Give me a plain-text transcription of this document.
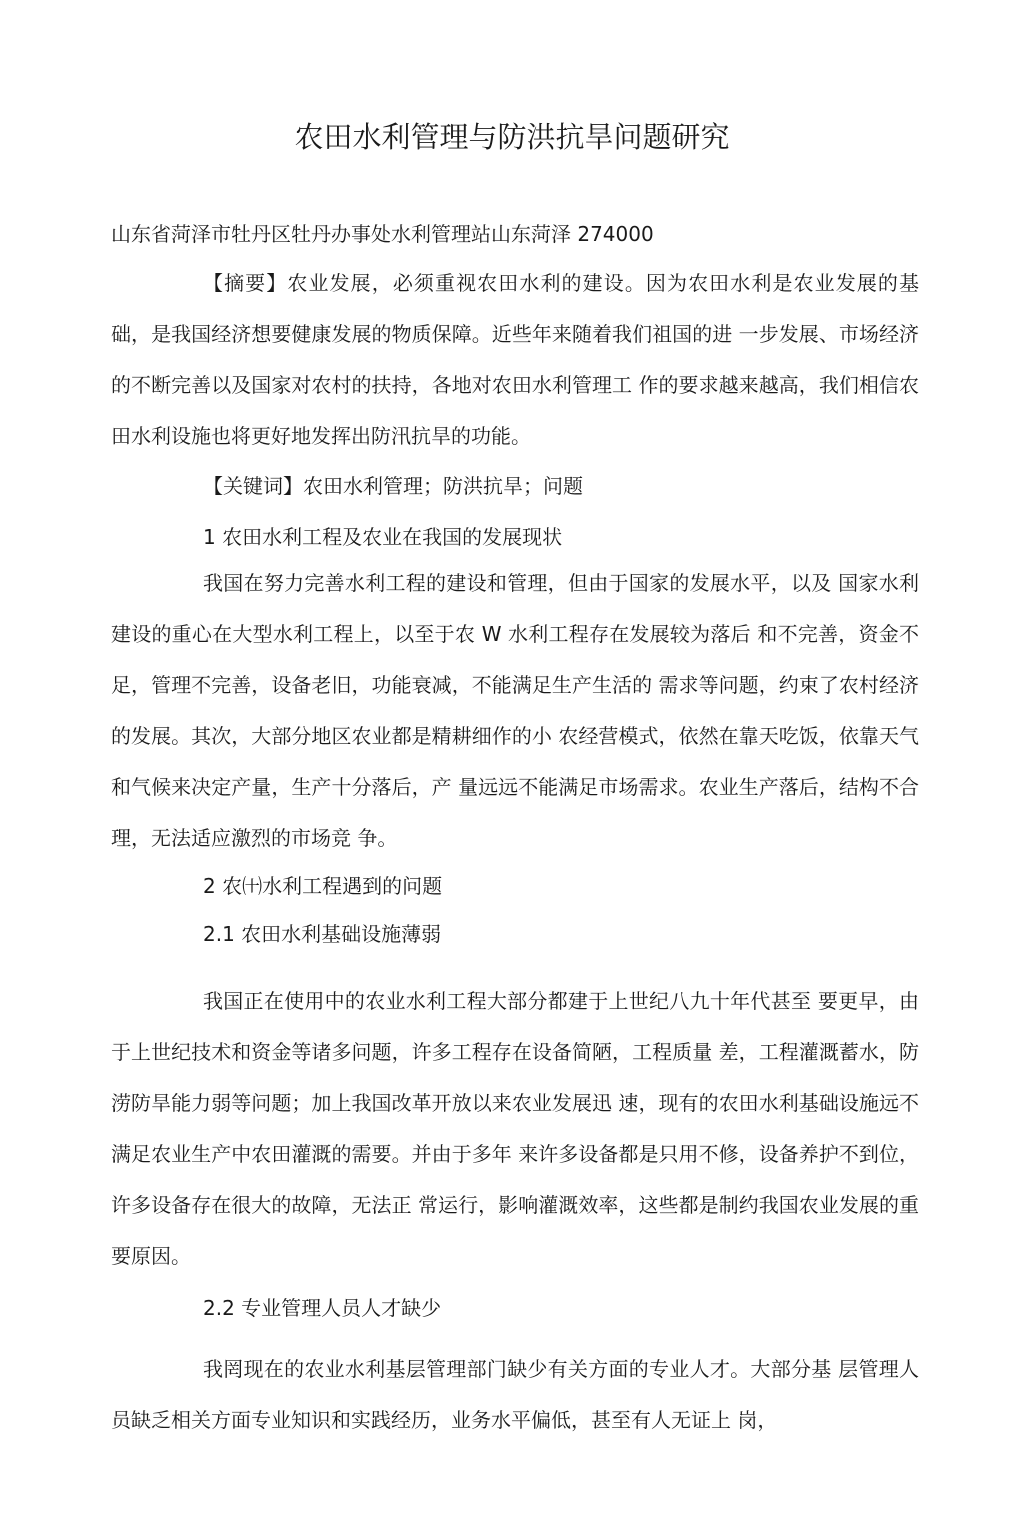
农田水利管理与防洪抗旱问题研究
山东省菏泽市牡丹区牡丹办事处水利管理站山东菏泽 274000

【摘要】农业发展，必须重视农田水利的建设。因为农田水利是农业发展的基础，是我国经济想要健康发展的物质保障。近些年来随着我们祖国的进 一步发展、市场经济的不断完善以及国家对农村的扶持，各地对农田水利管理工 作的要求越来越高，我们相信农田水利设施也将更好地发挥出防汛抗旱的功能。

【关键词】农田水利管理；防洪抗旱；问题
1 农田水利工程及农业在我国的发展现状

我国在努力完善水利工程的建设和管理，但由于国家的发展水平，以及 国家水利建设的重心在大型水利工程上，以至于农 W 水利工程存在发展较为落后 和不完善，资金不足，管理不完善，设备老旧，功能衰减，不能满足生产生活的 需求等问题，约束了农村经济的发展。其次，大部分地区农业都是精耕细作的小 农经营模式，依然在靠天吃饭，依靠天气和气候来决定产量，生产十分落后，产 量远远不能满足市场需求。农业生产落后，结构不合理，无法适应激烈的市场竞 争。

2 农㈩水利工程遇到的问题
2.1 农田水利基础设施薄弱

我国正在使用中的农业水利工程大部分都建于上世纪八九十年代甚至 要更早，由于上世纪技术和资金等诸多问题，许多工程存在设备简陋，工程质量 差，工程灌溉蓄水，防涝防旱能力弱等问题；加上我国改革开放以来农业发展迅 速，现有的农田水利基础设施远不满足农业生产中农田灌溉的需要。并由于多年 来许多设备都是只用不修，设备养护不到位，许多设备存在很大的故障，无法正 常运行，影响灌溉效率，这些都是制约我国农业发展的重要原因。

2.2 专业管理人员人才缺少

我罔现在的农业水利基层管理部门缺少有关方面的专业人才。大部分基 层管理人员缺乏相关方面专业知识和实践经历，业务水平偏低，甚至有人无证上 岗，
